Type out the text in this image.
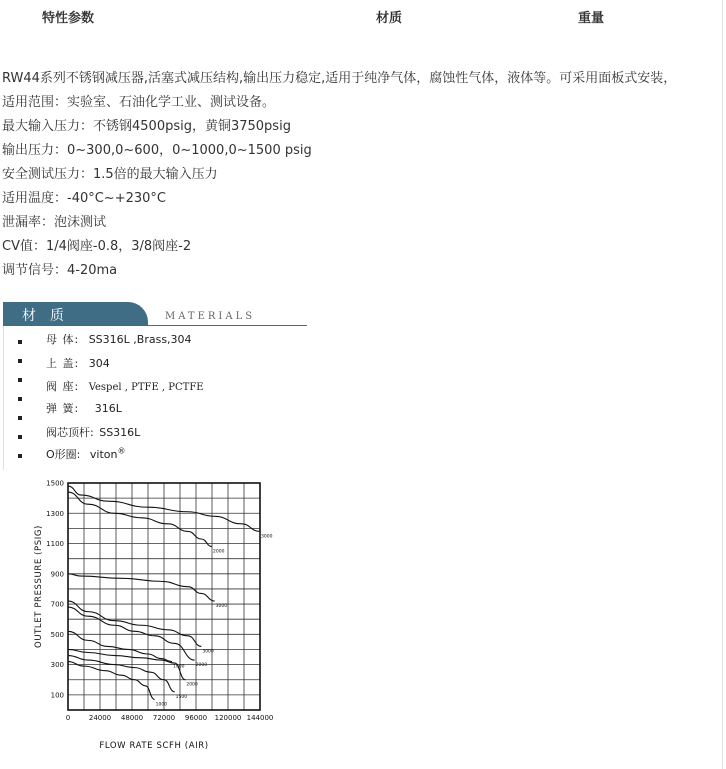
特性参数	材质	重量
RW44系列不锈钢减压器,活塞式减压结构,输出压力稳定,适用于纯净气体，腐蚀性气体，液体等。可采用面板式安装，
适用范围：实验室、石油化学工业、测试设备。
最大输入压力：不锈钢4500psig，黄铜3750psig
输出压力：0~300,0~600，0~1000,0~1500 psig
安全测试压力：1.5倍的最大输入压力
适用温度：-40°C~+230°C
泄漏率：泡沫测试
CV值：1/4阀座-0.8，3/8阀座-2
调节信号：4-20ma
材　质	MATERIALS
母 体: SS316L ,Brass,304
上 盖: 304
阀 座: Vespel , PTFE , PCTFE
弹 簧: 316L
阀芯顶杆: SS316L
O形圈: viton®
100
300
500
700
900
1100
1300
1500
0	24000 48000 72000 96000 120000 144000
FLOW RATE SCFH (AIR)
OUTLET PRESSURE (PSIG)	3000
2000
3000
3000
2000
1000
2000
1500
1000
